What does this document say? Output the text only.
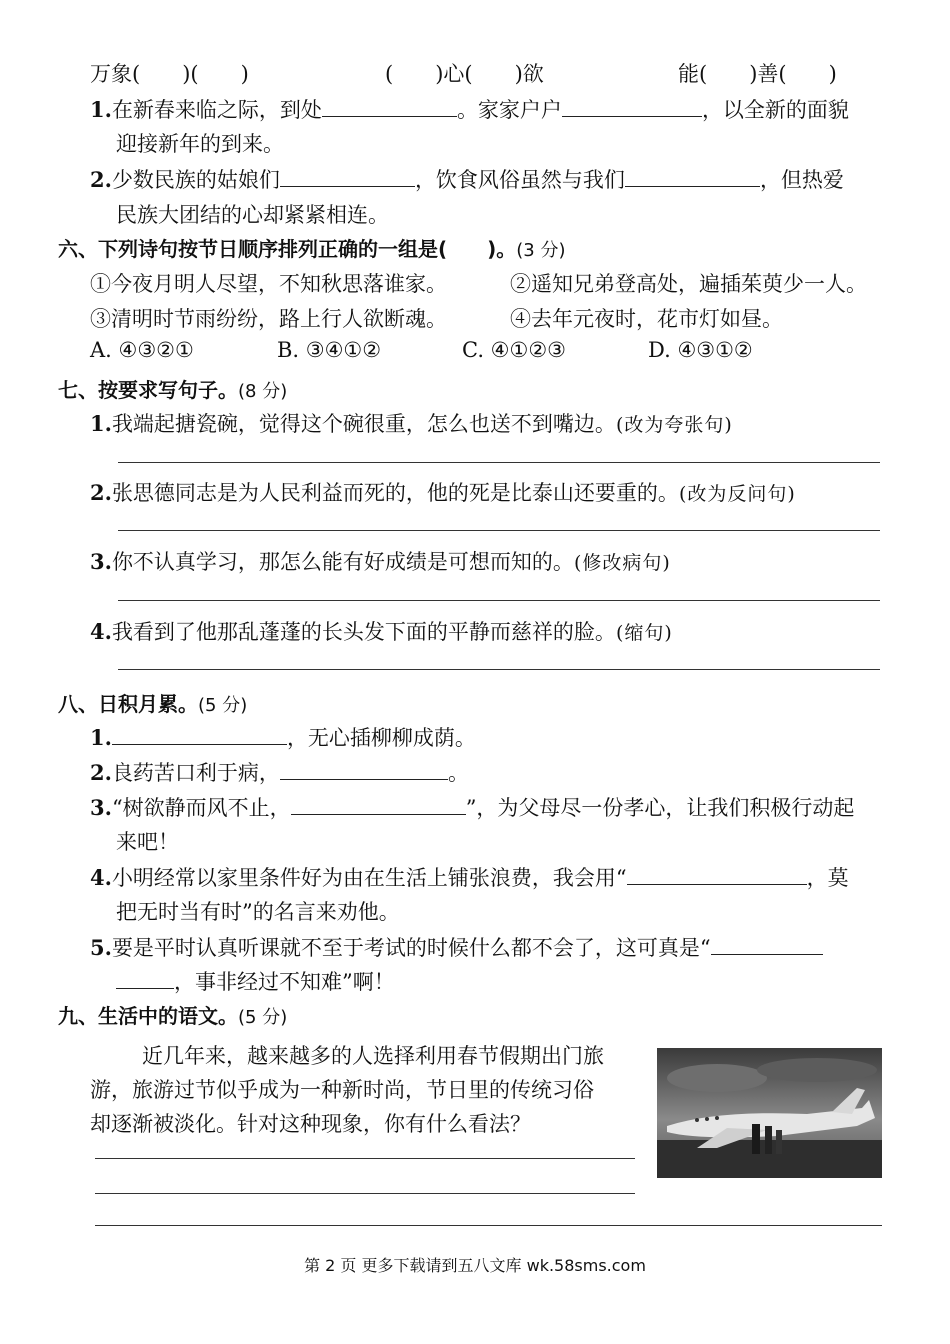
万象(　　)(　　)	(　　)心(　　)欲	能(　　)善(　　)
1.在新春来临之际，到处	。家家户户	，以全新的面貌
迎接新年的到来。
2.少数民族的姑娘们	，饮食风俗虽然与我们	，但热爱
民族大团结的心却紧紧相连。
六、下列诗句按节日顺序排列正确的一组是(　　)。(3 分)
①今夜月明人尽望，不知秋思落谁家。	②遥知兄弟登高处，遍插茱萸少一人。
③清明时节雨纷纷，路上行人欲断魂。	④去年元夜时，花市灯如昼。
A. ④③②①	B. ③④①②	C. ④①②③	D. ④③①②
七、按要求写句子。(8 分)
1.我端起搪瓷碗，觉得这个碗很重，怎么也送不到嘴边。(改为夸张句)
2.张思德同志是为人民利益而死的，他的死是比泰山还要重的。(改为反问句)
3.你不认真学习，那怎么能有好成绩是可想而知的。(修改病句)
4.我看到了他那乱蓬蓬的长头发下面的平静而慈祥的脸。(缩句)
八、日积月累。(5 分)
1.	，无心插柳柳成荫。
2.良药苦口利于病，	。
3.“树欲静而风不止，	”，为父母尽一份孝心，让我们积极行动起
来吧！
4.小明经常以家里条件好为由在生活上铺张浪费，我会用“	，莫
把无时当有时”的名言来劝他。
5.要是平时认真听课就不至于考试的时候什么都不会了，这可真是“
，事非经过不知难”啊！
九、生活中的语文。(5 分)
近几年来，越来越多的人选择利用春节假期出门旅
游，旅游过节似乎成为一种新时尚，节日里的传统习俗
却逐渐被淡化。针对这种现象，你有什么看法？
第 2 页 更多下载请到五八文库 wk.58sms.com
